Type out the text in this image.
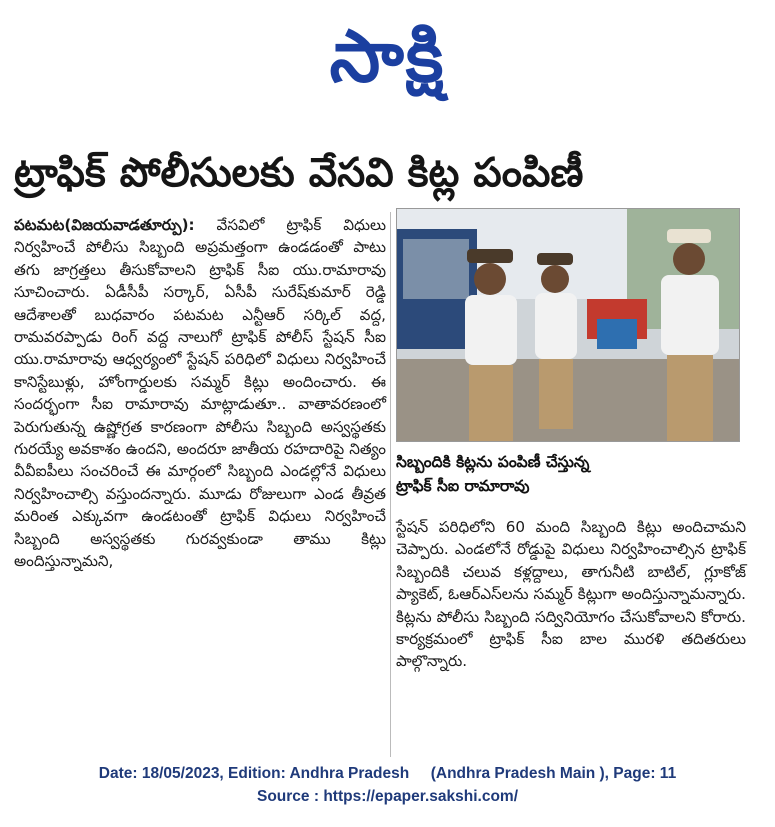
సాక్షి
ట్రాఫిక్ పోలీసులకు వేసవి కిట్ల పంపిణీ
పటమట(విజయవాడతూర్పు): వేసవిలో ట్రాఫిక్ విధులు నిర్వహించే పోలీసు సిబ్బంది అప్రమత్తంగా ఉండడంతో పాటు తగు జాగ్రత్తలు తీసుకోవాలని ట్రాఫిక్ సీఐ యు.రామారావు సూచించారు. ఏడీసీపీ సర్కార్, ఏసీపీ సురేష్‌కుమార్ రెడ్డి ఆదేశాలతో బుధవారం పటమట ఎన్టీఆర్ సర్కిల్ వద్ద, రామవరప్పాడు రింగ్ వద్ద నాలుగో ట్రాఫిక్ పోలీస్ స్టేషన్ సీఐ యు.రామారావు ఆధ్వర్యంలో స్టేషన్ పరిధిలో విధులు నిర్వహించే కానిస్టేబుళ్లు, హోంగార్డులకు సమ్మర్ కిట్లు అందించారు. ఈ సందర్భంగా సీఐ రామారావు మాట్లాడుతూ.. వాతావరణంలో పెరుగుతున్న ఉష్ణోగ్రత కారణంగా పోలీసు సిబ్బంది అస్వస్థతకు గురయ్యే అవకాశం ఉందని, అందరూ జాతీయ రహదారిపై నిత్యం వీవీఐపీలు సంచరించే ఈ మార్గంలో సిబ్బంది ఎండల్లోనే విధులు నిర్వహించాల్సి వస్తుందన్నారు. మూడు రోజులుగా ఎండ తీవ్రత మరింత ఎక్కువగా ఉండటంతో ట్రాఫిక్ విధులు నిర్వహించే సిబ్బంది అస్వస్థతకు గురవ్వకుండా తాము కిట్లు అందిస్తున్నామని,
సిబ్బందికి కిట్లను పంపిణీ చేస్తున్న
ట్రాఫిక్ సీఐ రామారావు
స్టేషన్ పరిధిలోని 60 మంది సిబ్బంది కిట్లు అందిచామని చెప్పారు. ఎండలోనే రోడ్డుపై విధులు నిర్వహించాల్సిన ట్రాఫిక్ సిబ్బందికి చలువ కళ్లద్దాలు, తాగునీటి బాటిల్, గ్లూకోజ్ ప్యాకెట్, ఓఆర్ఎస్‌లను సమ్మర్ కిట్లుగా అందిస్తున్నామన్నారు. కిట్లను పోలీసు సిబ్బంది సద్వినియోగం చేసుకోవాలని కోరారు. కార్యక్రమంలో ట్రాఫిక్ సీఐ బాల మురళి తదితరులు పాల్గొన్నారు.
Date: 18/05/2023, Edition: Andhra Pradesh     (Andhra Pradesh Main ), Page: 11
Source : https://epaper.sakshi.com/
